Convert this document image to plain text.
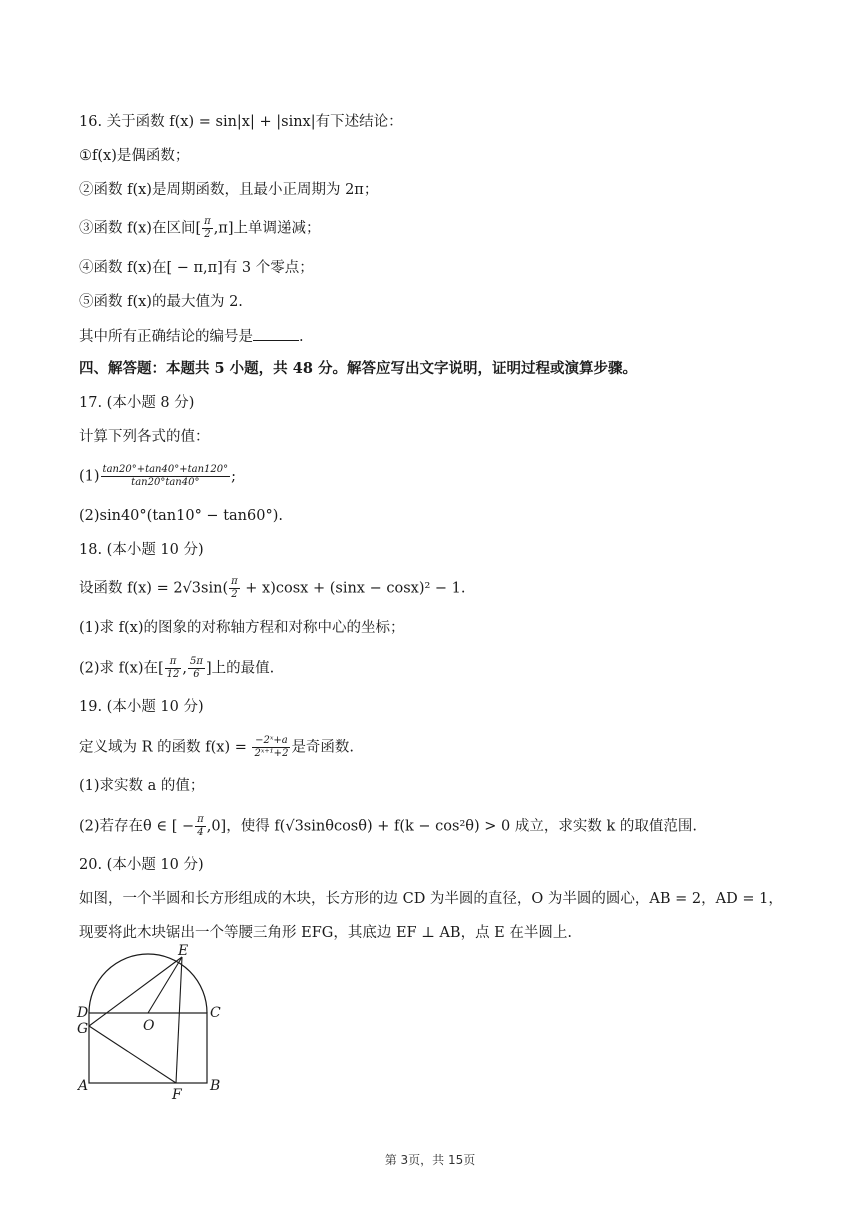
16. 关于函数 f(x) = sin|x| + |sinx|有下述结论：
①f(x)是偶函数；
②函数 f(x)是周期函数，且最小正周期为 2π；
③函数 f(x)在区间[ $\frac{\pi}{2} ,\pi$]上单调递减；
④函数 f(x)在[ − π,π]有 3 个零点；
⑤函数 f(x)的最大值为 2.
其中所有正确结论的编号是	.
四、解答题：本题共 5 小题，共 48 分。解答应写出文字说明，证明过程或演算步骤。
17. (本小题 8 分)
计算下列各式的值：
$(1) \frac{\tan 20^\circ+\tan 40^\circ+\tan 120^\circ}{\tan 20^\circ\tan 40^\circ}$ ;
(2)sin40°(tan10° − tan60°).
18. (本小题 10 分)
设函数 $f(x) = 2√3\sin( \frac{\pi}{2} + x)\cos x + (\sin x - \cos x)^2 - 1$.
(1)求 f(x)的图象的对称轴方程和对称中心的坐标；
(2)求 f(x)在[ $\frac{\pi}{12}$ , $\frac{5\pi}{6}$ ]上的最值.
19. (本小题 10 分)
定义域为 R 的函数 $f(x) = \frac{\text{−2ˣ+a}}{\text{2ˣ⁺¹+2}}$ 是奇函数.
(1)求实数 a 的值；
(2)若存在θ ∈ [ − $\frac{\pi}{4} ,0$]，使得 f(√3sinθcosθ) + f(k − cos²θ) > 0 成立，求实数 k 的取值范围.
20. (本小题 10 分)
如图，一个半圆和长方形组成的木块，长方形的边 CD 为半圆的直径，O 为半圆的圆心，AB = 2，AD = 1，
现要将此木块锯出一个等腰三角形 EFG，其底边 EF ⊥ AB，点 E 在半圆上.
E
D	C
G	O
A	B
F
第 3页，共 15页
